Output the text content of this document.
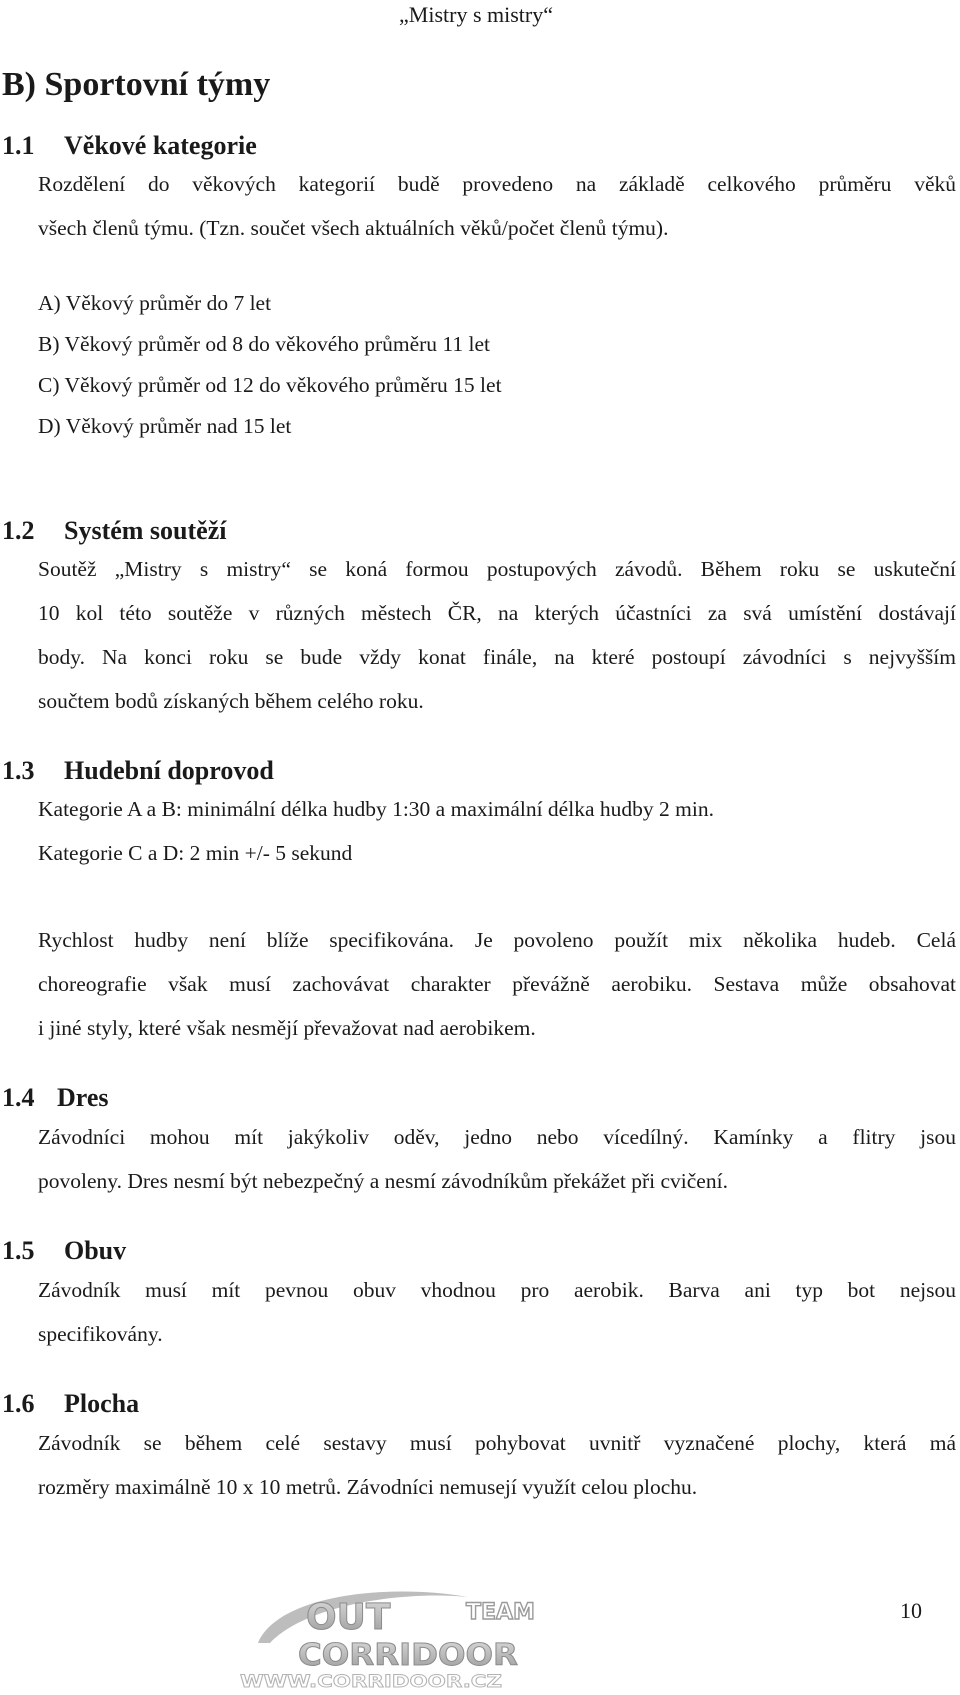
„Mistry s mistry“
B) Sportovní týmy
1.1 Věkové kategorie
Rozdělení do věkových kategorií budě provedeno na základě celkového průměru věků
všech členů týmu. (Tzn. součet všech aktuálních věků/počet členů týmu).
A) Věkový průměr do 7 let
B) Věkový průměr od 8 do věkového průměru 11 let
C) Věkový průměr od 12 do věkového průměru 15 let
D) Věkový průměr nad 15 let
1.2 Systém soutěží
Soutěž „Mistry s mistry“ se koná formou postupových závodů. Během roku se uskuteční
10 kol této soutěže v různých městech ČR, na kterých účastníci za svá umístění dostávají
body. Na konci roku se bude vždy konat finále, na které postoupí závodníci s nejvyšším
součtem bodů získaných během celého roku.
1.3 Hudební doprovod
Kategorie A a B: minimální délka hudby 1:30 a maximální délka hudby 2 min.
Kategorie C a D: 2 min +/- 5 sekund
Rychlost hudby není blíže specifikována. Je povoleno použít mix několika hudeb. Celá
choreografie však musí zachovávat charakter převážně aerobiku. Sestava může obsahovat
i jiné styly, které však nesmějí převažovat nad aerobikem.
1.4 Dres
Závodníci mohou mít jakýkoliv oděv, jedno nebo vícedílný. Kamínky a flitry jsou
povoleny. Dres nesmí být nebezpečný a nesmí závodníkům překážet při cvičení.
1.5 Obuv
Závodník musí mít pevnou obuv vhodnou pro aerobik. Barva ani typ bot nejsou
specifikovány.
1.6 Plocha
Závodník se během celé sestavy musí pohybovat uvnitř vyznačené plochy, která má
rozměry maximálně 10 x 10 metrů. Závodníci nemusejí využít celou plochu.
OUT	TEAM
CORRIDOOR
WWW.CORRIDOOR.CZ
10
